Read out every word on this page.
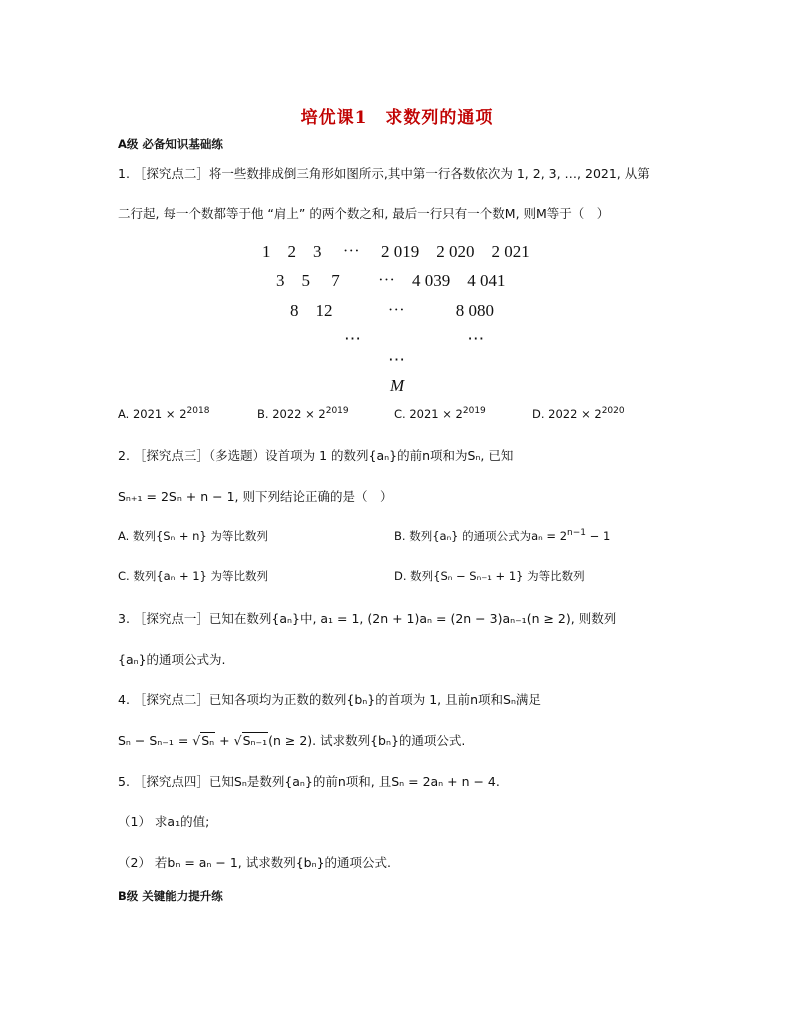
培优课1　求数列的通项
A级 必备知识基础练
1. ［探究点二］将一些数排成倒三角形如图所示,其中第一行各数依次为 1, 2, 3, …, 2021, 从第
二行起, 每一个数都等于他 “肩上” 的两个数之和, 最后一行只有一个数M, 则M等于（　）
1　2　3　 ⋯　 2 019　2 020　2 021
3　5　 7　　 ⋯　4 039　4 041
8　12　　　 ⋯　　　8 080
⋯　　　　　　 ⋯
⋯
M
A. $2021 \times 2^{2018}$	B. $2022 \times 2^{2019}$	C. $2021 \times 2^{2019}$	D. $2022 \times 2^{2020}$
2. ［探究点三］（多选题）设首项为 1 的数列{aₙ}的前n项和为Sₙ, 已知
Sₙ₊₁ = 2Sₙ + n − 1, 则下列结论正确的是（　）
A. 数列{Sₙ + n} 为等比数列	B. 数列{aₙ} 的通项公式为$a_n = 2^{n-1} - 1$
C. 数列{aₙ + 1} 为等比数列	D. 数列{Sₙ − Sₙ₋₁ + 1} 为等比数列
3. ［探究点一］已知在数列{aₙ}中, a₁ = 1, (2n + 1)aₙ = (2n − 3)aₙ₋₁(n ≥ 2), 则数列
{aₙ}的通项公式为.
4. ［探究点二］已知各项均为正数的数列{bₙ}的首项为 1, 且前n项和Sₙ满足
Sₙ − Sₙ₋₁ = √Sₙ + √Sₙ₋₁(n ≥ 2). 试求数列{bₙ}的通项公式.
5. ［探究点四］已知Sₙ是数列{aₙ}的前n项和, 且Sₙ = 2aₙ + n − 4.
（1） 求a₁的值;
（2） 若bₙ = aₙ − 1, 试求数列{bₙ}的通项公式.
B级 关键能力提升练
